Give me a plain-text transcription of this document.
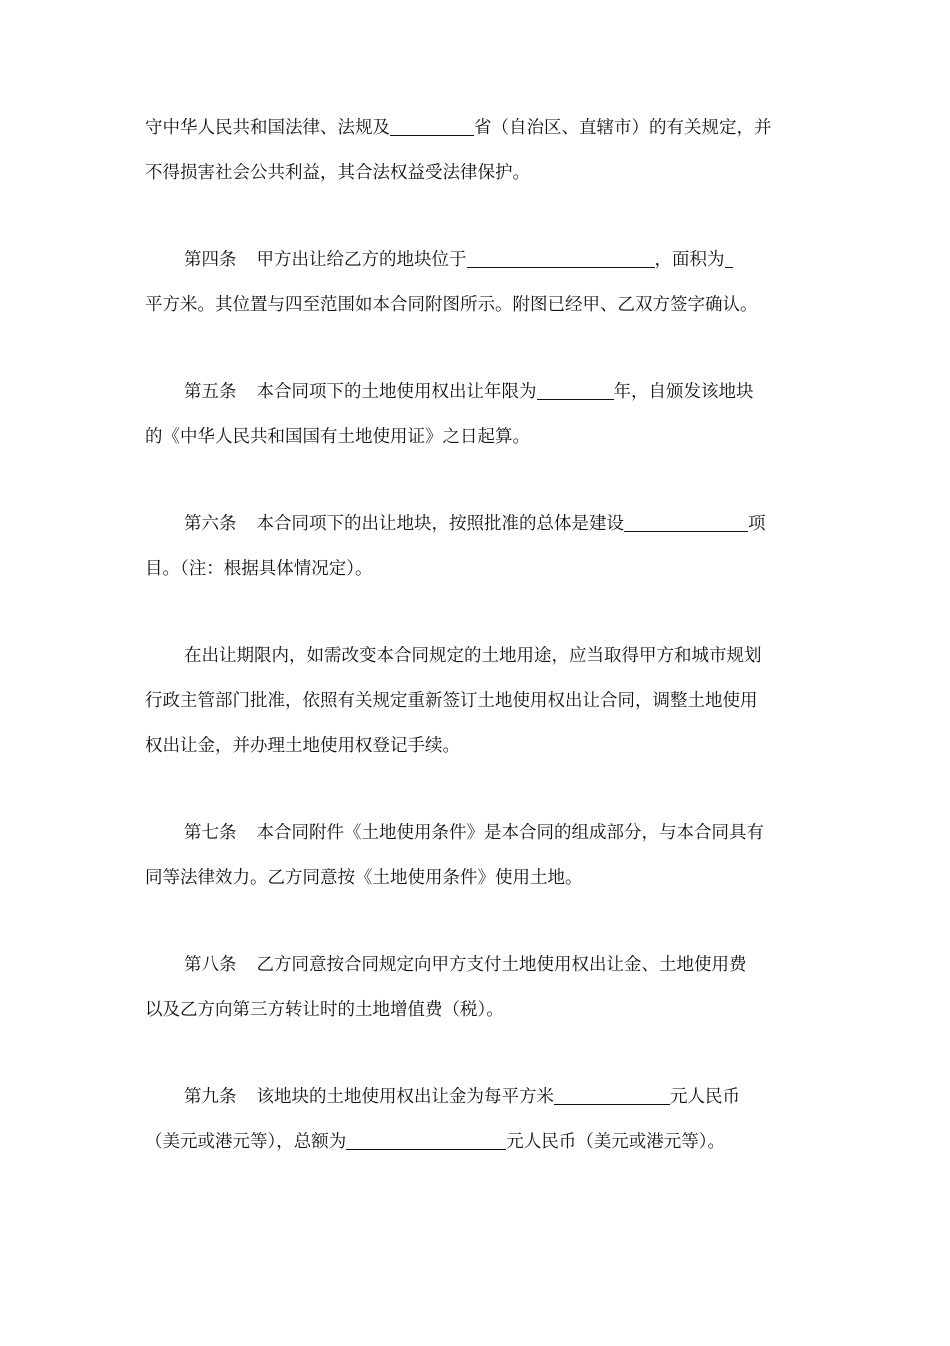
守中华人民共和国法律、法规及	省（自治区、直辖市）的有关规定，并
不得损害社会公共利益，其合法权益受法律保护。
第四条 甲方出让给乙方的地块位于	，面积为
平方米。其位置与四至范围如本合同附图所示。附图已经甲、乙双方签字确认。
第五条 本合同项下的土地使用权出让年限为	年，自颁发该地块
的《中华人民共和国国有土地使用证》之日起算。
第六条 本合同项下的出让地块，按照批准的总体是建设	项
目。（注：根据具体情况定）。
在出让期限内，如需改变本合同规定的土地用途，应当取得甲方和城市规划
行政主管部门批准，依照有关规定重新签订土地使用权出让合同，调整土地使用
权出让金，并办理土地使用权登记手续。
第七条 本合同附件《土地使用条件》是本合同的组成部分，与本合同具有
同等法律效力。乙方同意按《土地使用条件》使用土地。
第八条 乙方同意按合同规定向甲方支付土地使用权出让金、土地使用费
以及乙方向第三方转让时的土地增值费（税）。
第九条 该地块的土地使用权出让金为每平方米	元人民币
（美元或港元等），总额为	元人民币（美元或港元等）。
